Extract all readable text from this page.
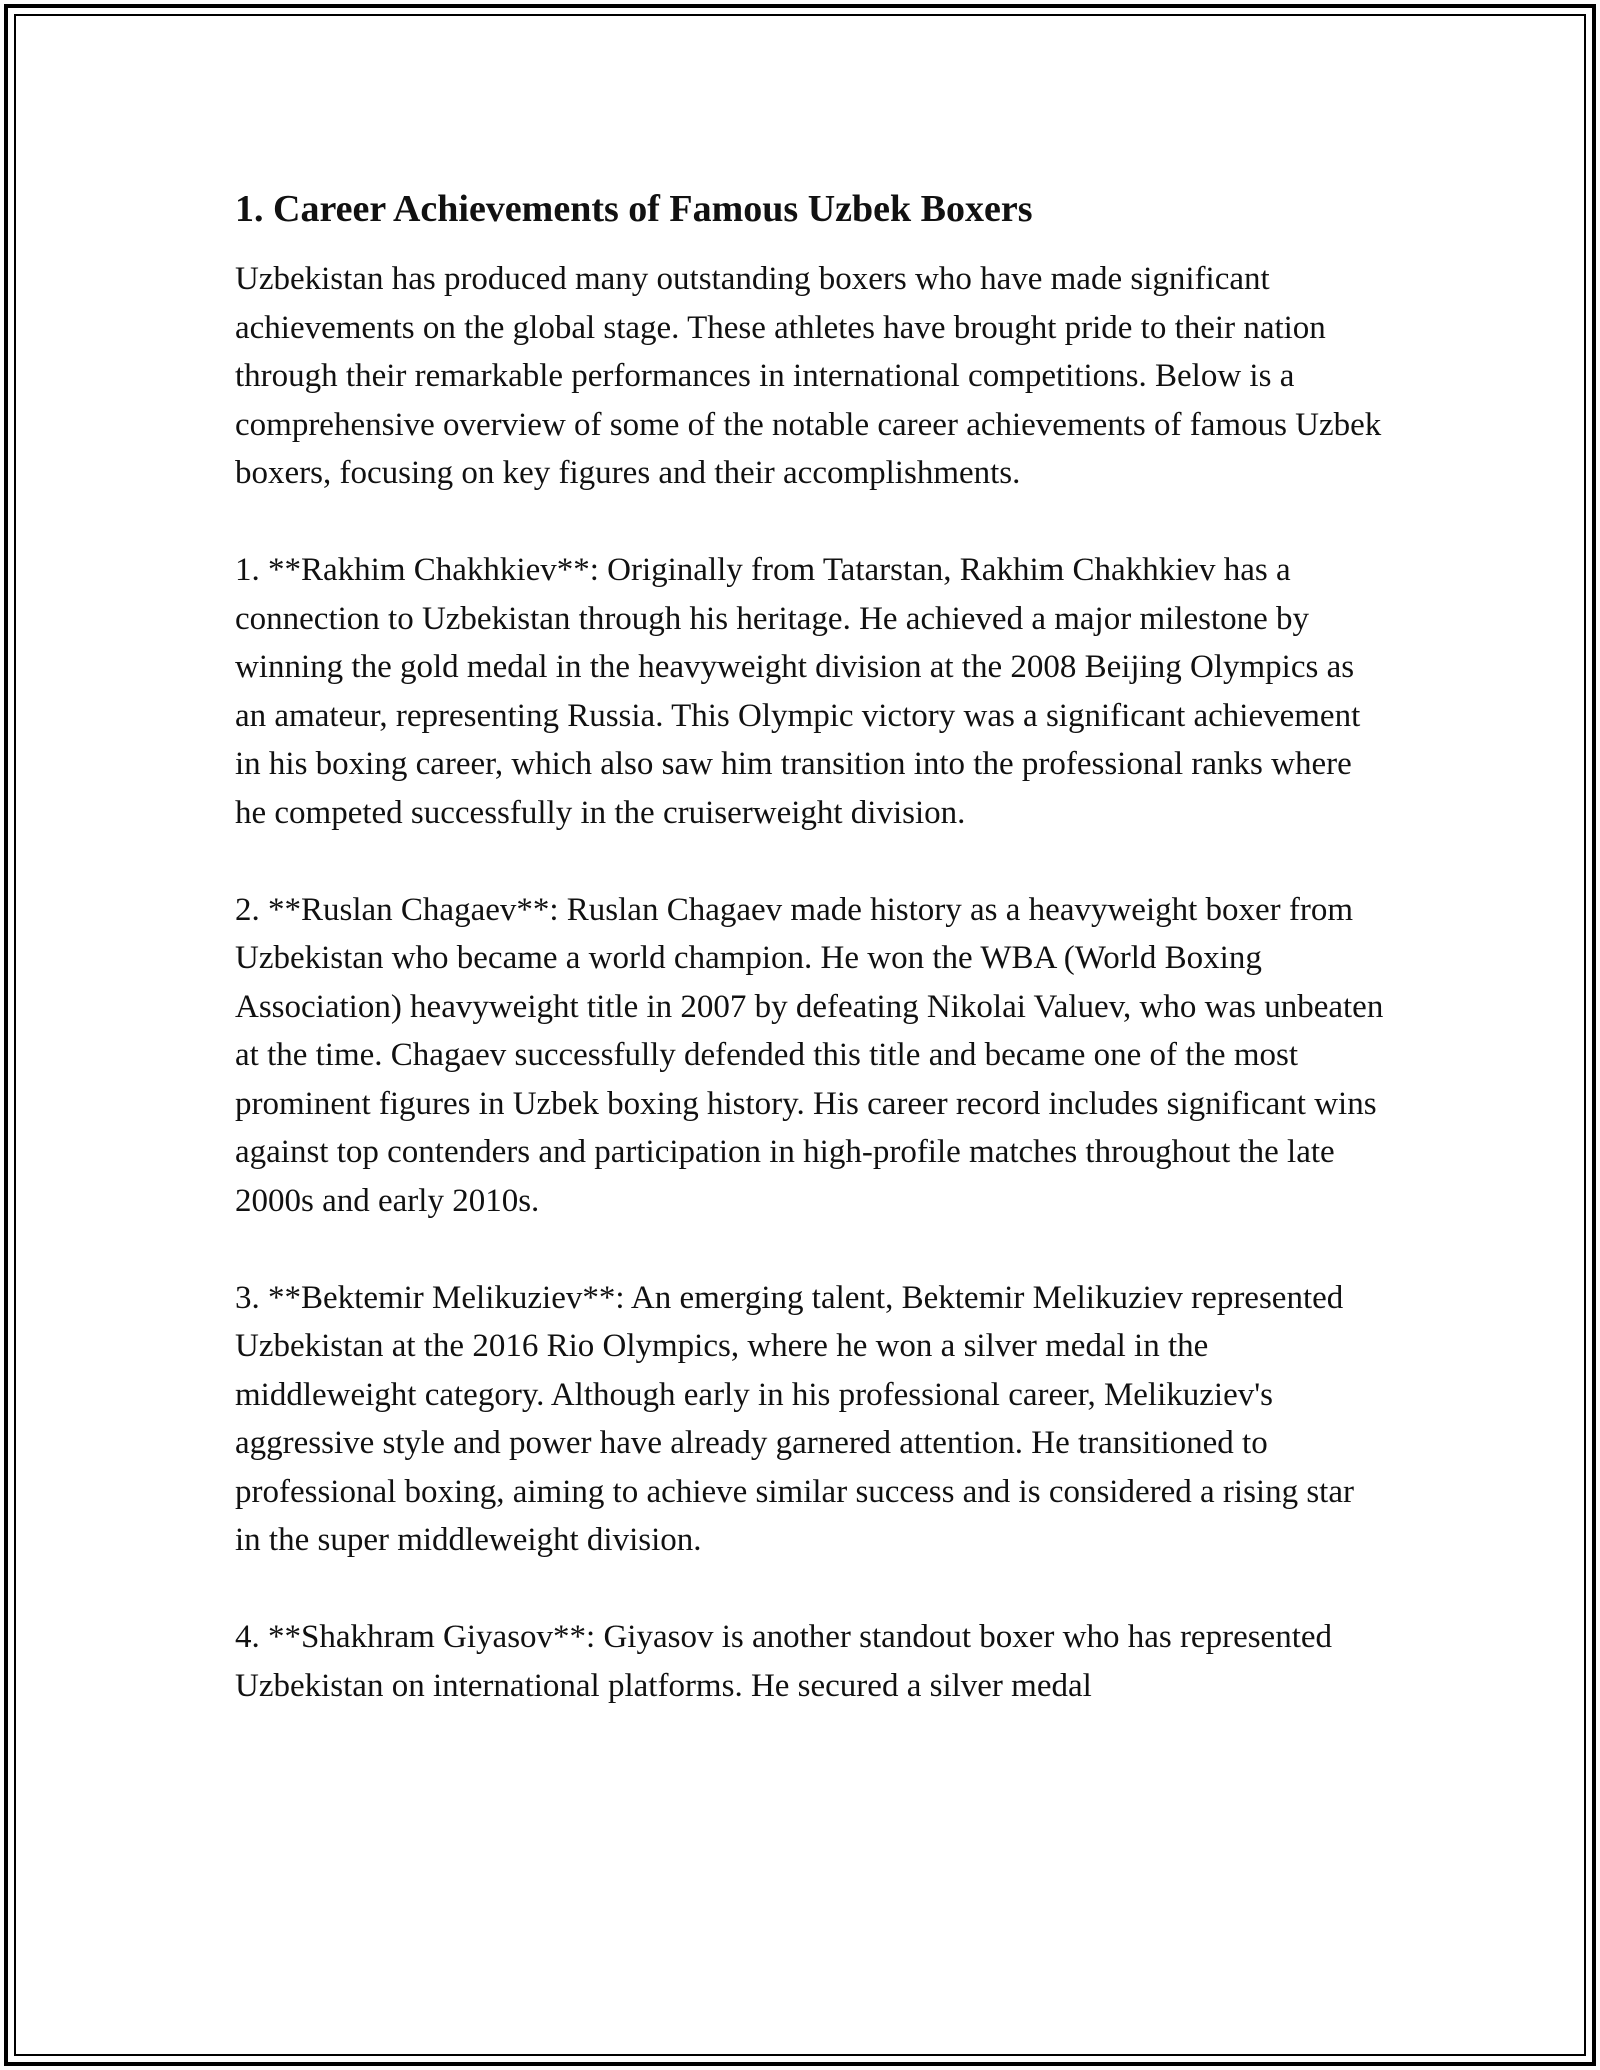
1. Career Achievements of Famous Uzbek Boxers

Uzbekistan has produced many outstanding boxers who have made significant achievements on the global stage. These athletes have brought pride to their nation through their remarkable performances in international competitions. Below is a comprehensive overview of some of the notable career achievements of famous Uzbek boxers, focusing on key figures and their accomplishments.

1. **Rakhim Chakhkiev**: Originally from Tatarstan, Rakhim Chakhkiev has a connection to Uzbekistan through his heritage. He achieved a major milestone by winning the gold medal in the heavyweight division at the 2008 Beijing Olympics as an amateur, representing Russia. This Olympic victory was a significant achievement in his boxing career, which also saw him transition into the professional ranks where he competed successfully in the cruiserweight division.

2. **Ruslan Chagaev**: Ruslan Chagaev made history as a heavyweight boxer from Uzbekistan who became a world champion. He won the WBA (World Boxing Association) heavyweight title in 2007 by defeating Nikolai Valuev, who was unbeaten at the time. Chagaev successfully defended this title and became one of the most prominent figures in Uzbek boxing history. His career record includes significant wins against top contenders and participation in high-profile matches throughout the late 2000s and early 2010s.

3. **Bektemir Melikuziev**: An emerging talent, Bektemir Melikuziev represented Uzbekistan at the 2016 Rio Olympics, where he won a silver medal in the middleweight category. Although early in his professional career, Melikuziev's aggressive style and power have already garnered attention. He transitioned to professional boxing, aiming to achieve similar success and is considered a rising star in the super middleweight division.

4. **Shakhram Giyasov**: Giyasov is another standout boxer who has represented Uzbekistan on international platforms. He secured a silver medal
